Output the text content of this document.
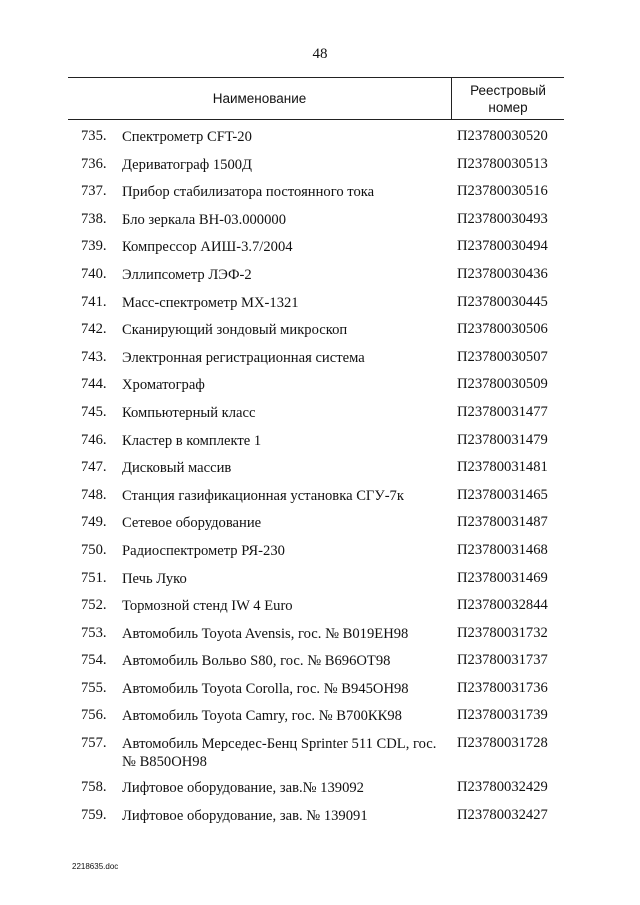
48
Наименование
Реестровый
номер
735. Спектрометр CFT-20	П23780030520
736. Дериватограф 1500Д	П23780030513
737. Прибор стабилизатора постоянного тока	П23780030516
738. Бло зеркала ВН-03.000000	П23780030493
739. Компрессор АИШ-3.7/2004	П23780030494
740. Эллипсометр ЛЭФ-2	П23780030436
741. Масс-спектрометр МХ-1321	П23780030445
742. Сканирующий зондовый микроскоп	П23780030506
743. Электронная регистрационная система	П23780030507
744. Хроматограф	П23780030509
745. Компьютерный класс	П23780031477
746. Кластер в комплекте 1	П23780031479
747. Дисковый массив	П23780031481
748. Станция газификационная установка СГУ-7к	П23780031465
749. Сетевое оборудование	П23780031487
750. Радиоспектрометр РЯ-230	П23780031468
751. Печь Луко	П23780031469
752. Тормозной стенд IW 4 Euro	П23780032844
753. Автомобиль Toyota Avensis, гос. № В019ЕН98	П23780031732
754. Автомобиль Вольво S80, гос. № В696ОТ98	П23780031737
755. Автомобиль Toyota Corolla, гос. № В945ОН98	П23780031736
756. Автомобиль Toyota Camry, гос. № В700КК98	П23780031739
757. Автомобиль Мерседес-Бенц Sprinter 511 CDL, гос. № В850ОН98
П23780031728
758. Лифтовое оборудование, зав.№ 139092	П23780032429
759. Лифтовое оборудование, зав. № 139091	П23780032427
2218635.doc
